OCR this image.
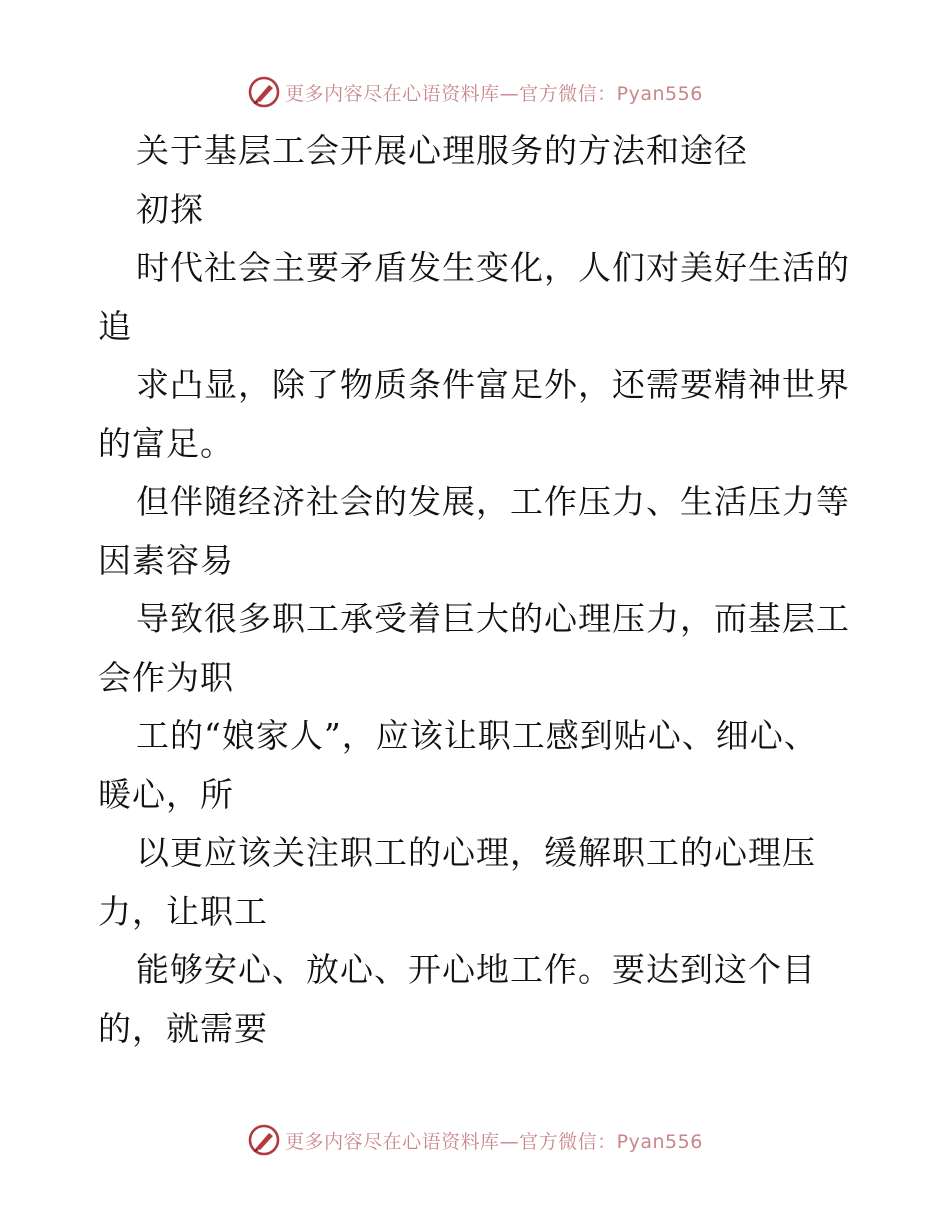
更多内容尽在心语资料库—官方微信：Pyan556
关于基层工会开展心理服务的方法和途径
初探
时代社会主要矛盾发生变化，人们对美好生活的
追
求凸显，除了物质条件富足外，还需要精神世界
的富足。
但伴随经济社会的发展，工作压力、生活压力等
因素容易
导致很多职工承受着巨大的心理压力，而基层工
会作为职
工的“娘家人”，应该让职工感到贴心、细心、
暖心，所
以更应该关注职工的心理，缓解职工的心理压
力，让职工
能够安心、放心、开心地工作。要达到这个目
的，就需要
更多内容尽在心语资料库—官方微信：Pyan556
